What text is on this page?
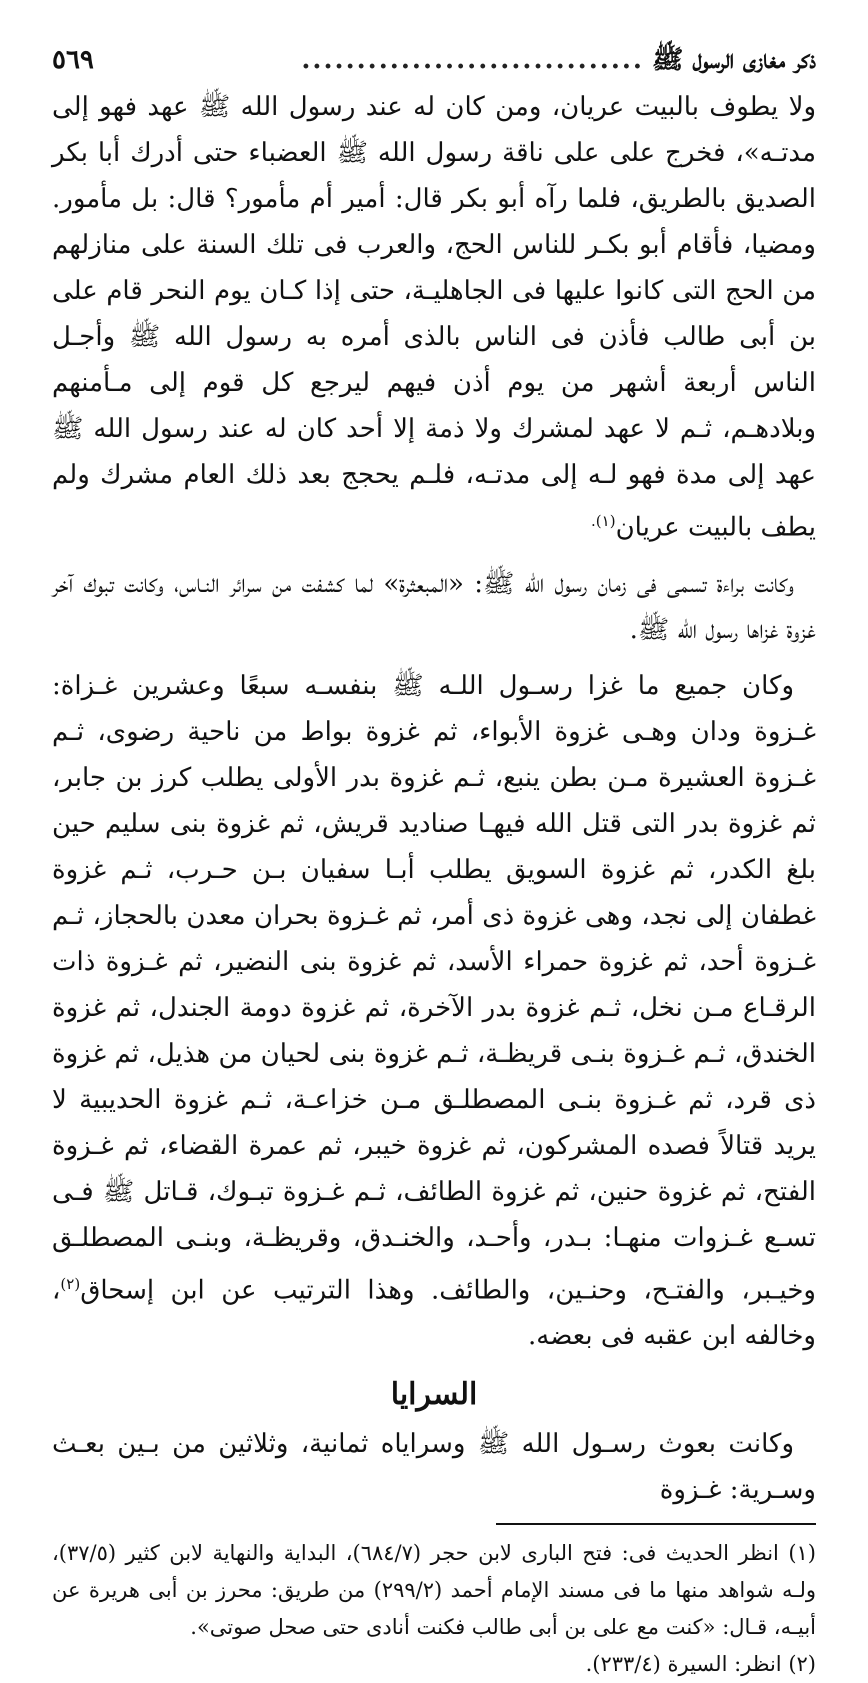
ذكر مغازى الرسول ﷺ
...............................
٥٦٩

ولا يطوف بالبيت عريان، ومن كان له عند رسول الله ﷺ عهد فهو إلى مدتـه»، فخرج على على ناقة رسول الله ﷺ العضباء حتى أدرك أبا بكر الصديق بالطريق، فلما رآه أبو بكر قال: أمير أم مأمور؟ قال: بل مأمور. ومضيا، فأقام أبو بكـر للناس الحج، والعرب فى تلك السنة على منازلهم من الحج التى كانوا عليها فى الجاهليـة، حتى إذا كـان يوم النحر قام على بن أبى طالب فأذن فى الناس بالذى أمره به رسول الله ﷺ وأجـل الناس أربعة أشهر من يوم أذن فيهم ليرجع كل قوم إلى مـأمنهم وبلادهـم، ثـم لا عهد لمشرك ولا ذمة إلا أحد كان له عند رسول الله ﷺ عهد إلى مدة فهو لـه إلى مدتـه، فلـم يحجج بعد ذلك العام مشرك ولم يطف بالبيت عريان$^{(١).}$

وكانت براءة تسمى فى زمان رسول الله ﷺ: «المبعثرة» لما كشفت من سرائر النـاس، وكانت تبوك آخر غزوة غزاها رسول الله ﷺ.

وكان جميع ما غزا رسـول اللـه ﷺ بنفسـه سبعًا وعشرين غـزاة: غـزوة ودان وهـى غزوة الأبواء، ثم غزوة بواط من ناحية رضوى، ثـم غـزوة العشيرة مـن بطن ينبع، ثـم غزوة بدر الأولى يطلب كرز بن جابر، ثم غزوة بدر التى قتل الله فيهـا صناديد قريش، ثم غزوة بنى سليم حين بلغ الكدر، ثم غزوة السويق يطلب أبـا سفيان بـن حـرب، ثـم غزوة غطفان إلى نجد، وهى غزوة ذى أمر، ثم غـزوة بحران معدن بالحجاز، ثـم غـزوة أحد، ثم غزوة حمراء الأسد، ثم غزوة بنى النضير، ثم غـزوة ذات الرقـاع مـن نخل، ثـم غزوة بدر الآخرة، ثم غزوة دومة الجندل، ثم غزوة الخندق، ثـم غـزوة بنـى قريظـة، ثـم غزوة بنى لحيان من هذيل، ثم غزوة ذى قرد، ثم غـزوة بنـى المصطلـق مـن خزاعـة، ثـم غزوة الحديبية لا يريد قتالاً فصده المشركون، ثم غزوة خيبر، ثم عمرة القضاء، ثم غـزوة الفتح، ثم غزوة حنين، ثم غزوة الطائف، ثـم غـزوة تبـوك، قـاتل ﷺ فـى تسـع غـزوات منهـا: بـدر، وأحـد، والخنـدق، وقريظـة، وبنـى المصطلـق وخيـبر، والفتـح، وحنـين، والطائف. وهذا الترتيب عن ابن إسحاق$^{(٢)}$، وخالفه ابن عقبه فى بعضه.

السرايا

وكانت بعوث رسـول الله ﷺ وسراياه ثمانية، وثلاثين من بـين بعـث وسـرية: غـزوة

(١) انظر الحديث فى: فتح البارى لابن حجر (٦٨٤/٧)، البداية والنهاية لابن كثير (٣٧/٥)، ولـه شواهد منها ما فى مسند الإمام أحمد (٢٩٩/٢) من طريق: محرز بن أبى هريرة عن أبيـه، قـال: «كنت مع على بن أبى طالب فكنت أنادى حتى صحل صوتى».

(٢) انظر: السيرة (٢٣٣/٤).
